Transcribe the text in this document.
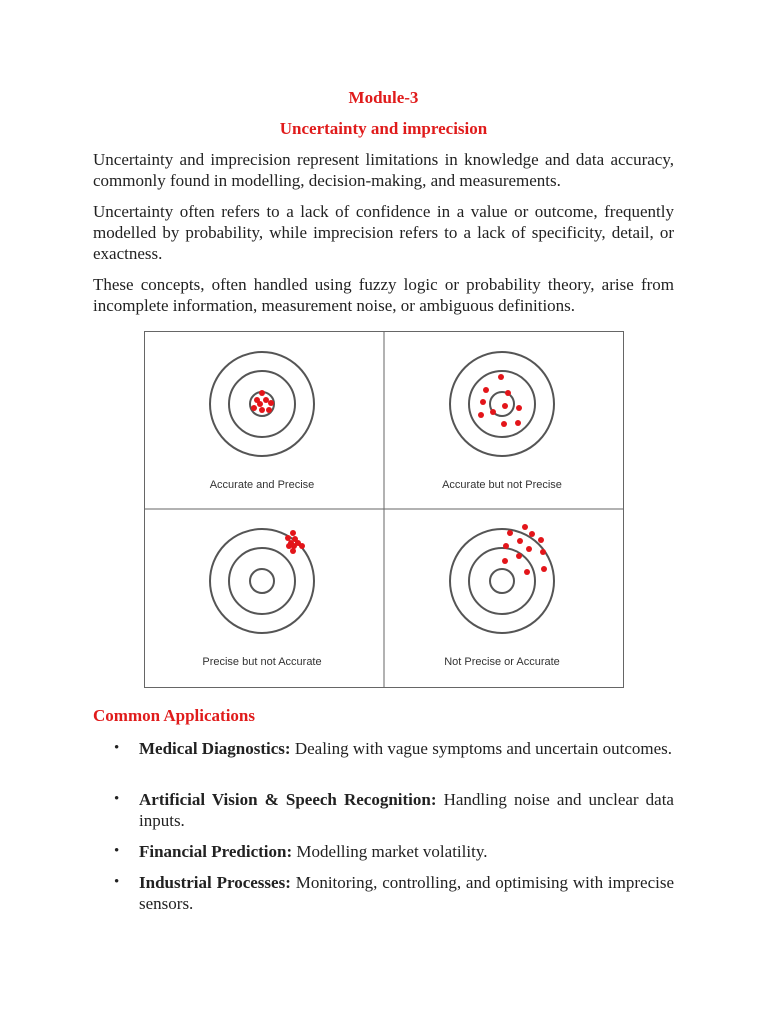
Module-3

Uncertainty and imprecision

Uncertainty and imprecision represent limitations in knowledge and data accuracy, commonly found in modelling, decision-making, and measurements.

Uncertainty often refers to a lack of confidence in a value or outcome, frequently modelled by probability, while imprecision refers to a lack of specificity, detail, or exactness.

These concepts, often handled using fuzzy logic or probability theory, arise from incomplete information, measurement noise, or ambiguous definitions.

Accurate and Precise	Accurate but not Precise
Precise but not Accurate	Not Precise or Accurate
Common Applications
• Medical Diagnostics: Dealing with vague symptoms and uncertain outcomes.
• Artificial Vision & Speech Recognition: Handling noise and unclear data inputs.
• Financial Prediction: Modelling market volatility.
• Industrial Processes: Monitoring, controlling, and optimising with imprecise sensors.
